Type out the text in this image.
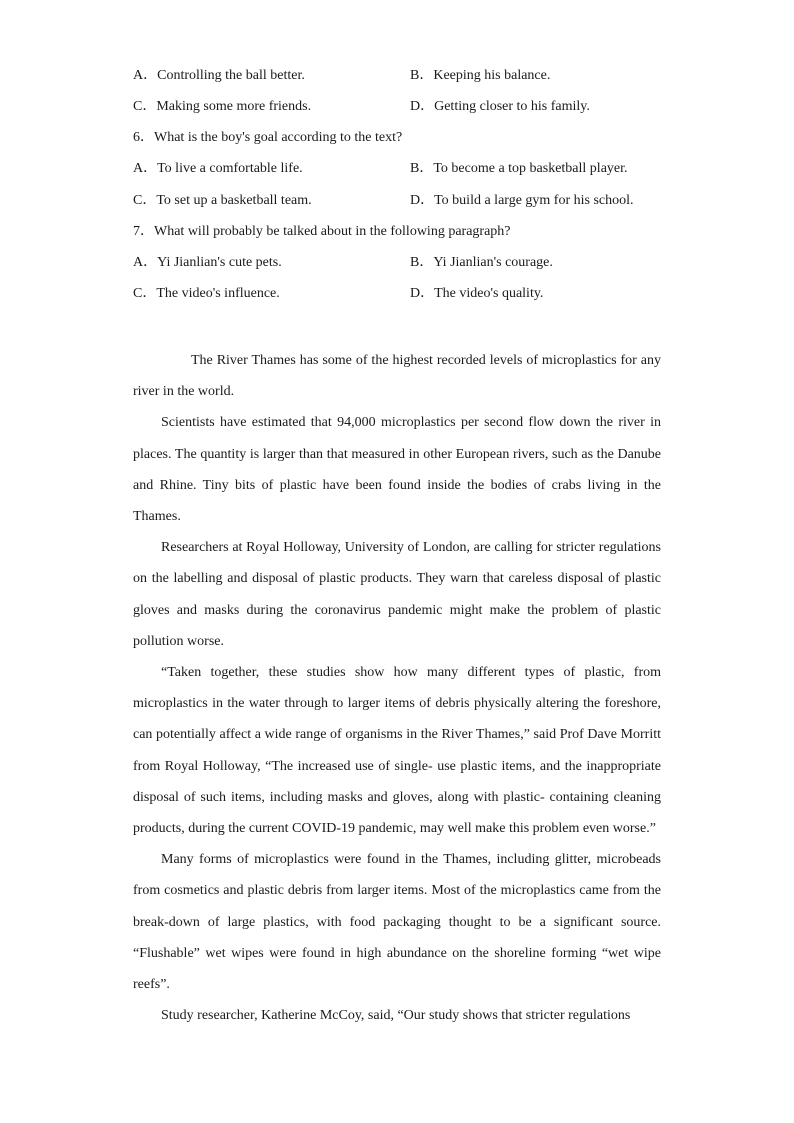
A．Controlling the ball better.	B．Keeping his balance.
C．Making some more friends.	D．Getting closer to his family.
6．What is the boy's goal according to the text?
A．To live a comfortable life.	B．To become a top basketball player.
C．To set up a basketball team.	D．To build a large gym for his school.
7．What will probably be talked about in the following paragraph?
A．Yi Jianlian's cute pets.	B．Yi Jianlian's courage.
C．The video's influence.	D．The video's quality.

The River Thames has some of the highest recorded levels of microplastics for any river in the world.

Scientists have estimated that 94,000 microplastics per second flow down the river in places. The quantity is larger than that measured in other European rivers, such as the Danube and Rhine. Tiny bits of plastic have been found inside the bodies of crabs living in the Thames.

Researchers at Royal Holloway, University of London, are calling for stricter regulations on the labelling and disposal of plastic products. They warn that careless disposal of plastic gloves and masks during the coronavirus pandemic might make the problem of plastic pollution worse.

“Taken together, these studies show how many different types of plastic, from microplastics in the water through to larger items of debris physically altering the foreshore, can potentially affect a wide range of organisms in the River Thames,” said Prof Dave Morritt from Royal Holloway, “The increased use of single- use plastic items, and the inappropriate disposal of such items, including masks and gloves, along with plastic- containing cleaning products, during the current COVID-19 pandemic, may well make this problem even worse.”

Many forms of microplastics were found in the Thames, including glitter, microbeads from cosmetics and plastic debris from larger items. Most of the microplastics came from the break-down of large plastics, with food packaging thought to be a significant source. “Flushable” wet wipes were found in high abundance on the shoreline forming “wet wipe reefs”.

Study researcher, Katherine McCoy, said, “Our study shows that stricter regulations
